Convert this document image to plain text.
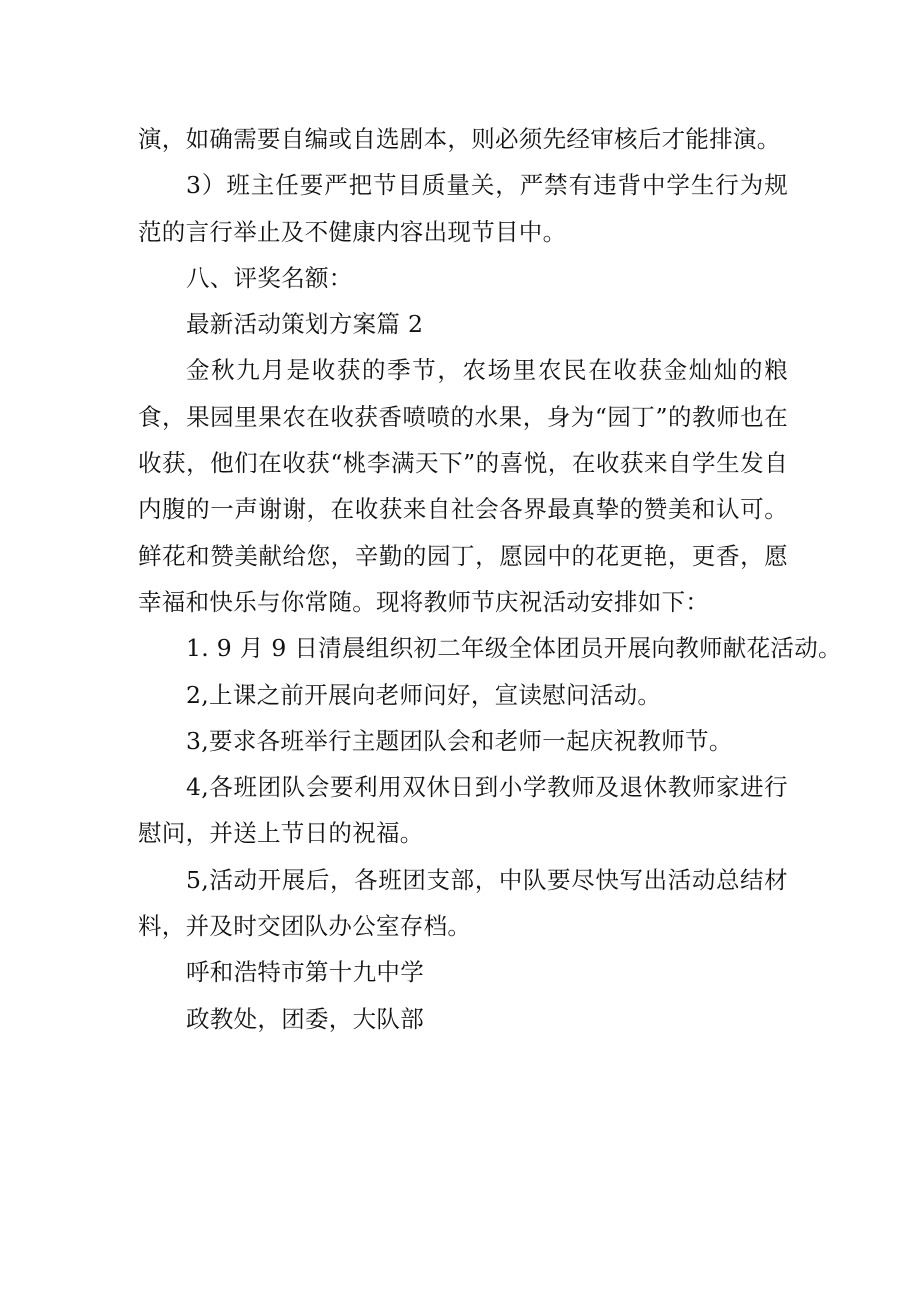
演，如确需要自编或自选剧本，则必须先经审核后才能排演。

3）班主任要严把节目质量关，严禁有违背中学生行为规范的言行举止及不健康内容出现节目中。

八、评奖名额：

最新活动策划方案篇 2

金秋九月是收获的季节，农场里农民在收获金灿灿的粮食，果园里果农在收获香喷喷的水果，身为“园丁”的教师也在收获，他们在收获“桃李满天下”的喜悦，在收获来自学生发自内腹的一声谢谢，在收获来自社会各界最真挚的赞美和认可。鲜花和赞美献给您，辛勤的园丁，愿园中的花更艳，更香，愿幸福和快乐与你常随。现将教师节庆祝活动安排如下：

1. 9 月 9 日清晨组织初二年级全体团员开展向教师献花活动。

2,上课之前开展向老师问好，宣读慰问活动。

3,要求各班举行主题团队会和老师一起庆祝教师节。

4,各班团队会要利用双休日到小学教师及退休教师家进行慰问，并送上节日的祝福。

5,活动开展后，各班团支部，中队要尽快写出活动总结材料，并及时交团队办公室存档。

呼和浩特市第十九中学

政教处，团委，大队部
